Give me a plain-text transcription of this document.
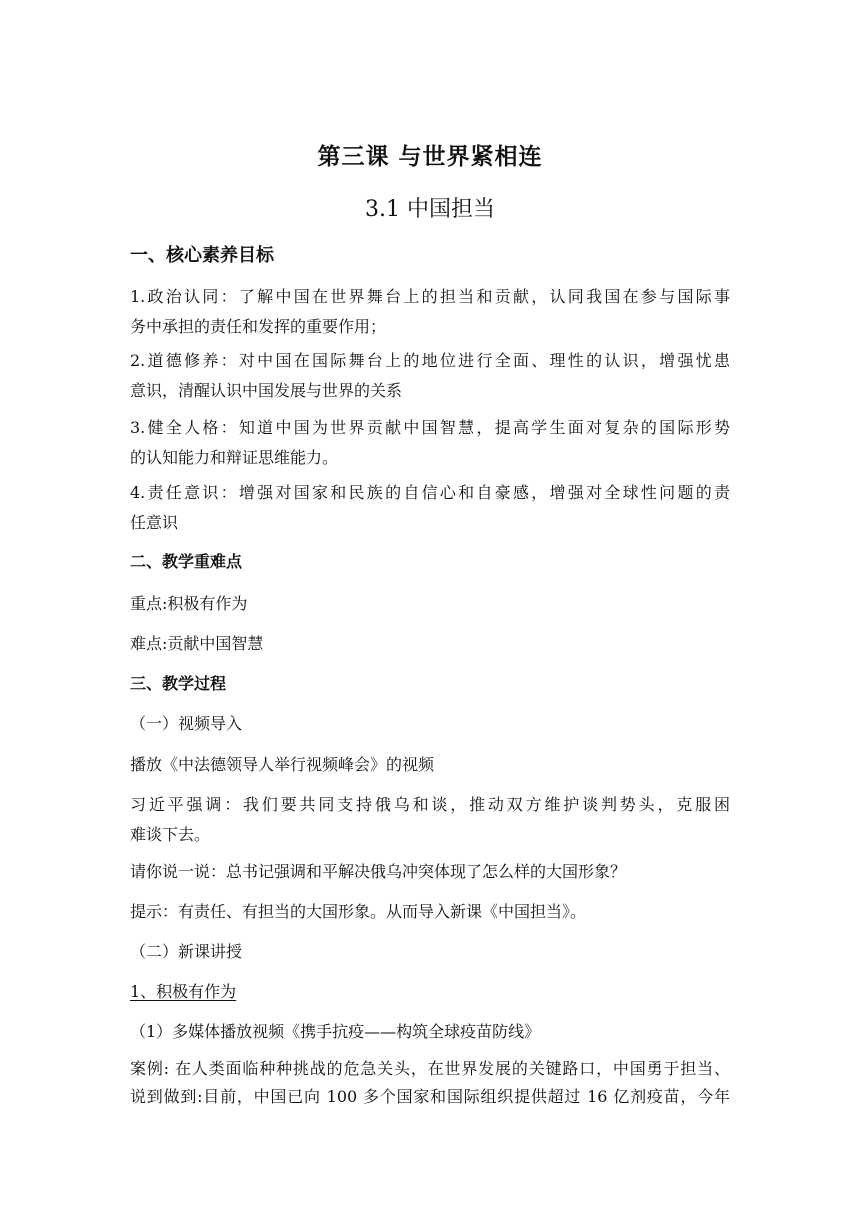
第三课 与世界紧相连
3.1 中国担当
一、核心素养目标
1.政治认同：了解中国在世界舞台上的担当和贡献，认同我国在参与国际事
务中承担的责任和发挥的重要作用；
2.道德修养：对中国在国际舞台上的地位进行全面、理性的认识，增强忧患
意识，清醒认识中国发展与世界的关系
3.健全人格：知道中国为世界贡献中国智慧，提高学生面对复杂的国际形势
的认知能力和辩证思维能力。
4.责任意识：增强对国家和民族的自信心和自豪感，增强对全球性问题的责
任意识
二、教学重难点
重点:积极有作为
难点:贡献中国智慧
三、教学过程
（一）视频导入
播放《中法德领导人举行视频峰会》的视频
习近平强调：我们要共同支持俄乌和谈，推动双方维护谈判势头，克服困
难谈下去。
请你说一说：总书记强调和平解决俄乌冲突体现了怎么样的大国形象？
提示：有责任、有担当的大国形象。从而导入新课《中国担当》。
（二）新课讲授
1、积极有作为
（1）多媒体播放视频《携手抗疫——构筑全球疫苗防线》
案例: 在人类面临种种挑战的危急关头，在世界发展的关键路口，中国勇于担当、
说到做到:目前，中国已向 100 多个国家和国际组织提供超过 16 亿剂疫苗，今年
